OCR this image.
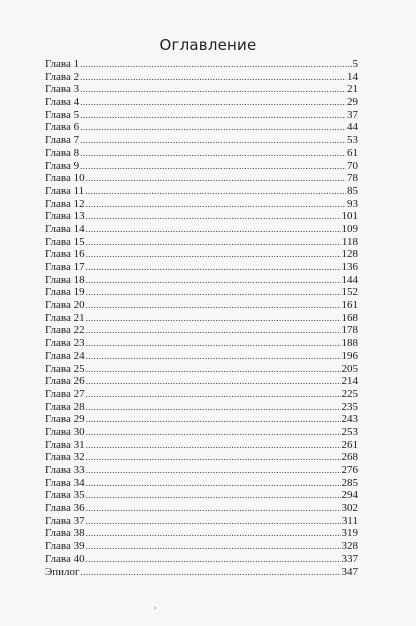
Оглавление
Глава 1 .....	5
Глава 2 .....	14
Глава 3 .....	21
Глава 4 .....	29
Глава 5 .....	37
Глава 6 .....	44
Глава 7 .....	53
Глава 8 .....	61
Глава 9 .....	70
Глава 10 .....	78
Глава 11 .....	85
Глава 12 .....	93
Глава 13 .....	101
Глава 14 .....	109
Глава 15 .....	118
Глава 16 .....	128
Глава 17 .....	136
Глава 18 .....	144
Глава 19 .....	152
Глава 20 .....	161
Глава 21 .....	168
Глава 22 .....	178
Глава 23 .....	188
Глава 24 .....	196
Глава 25 .....	205
Глава 26 .....	214
Глава 27 .....	225
Глава 28 .....	235
Глава 29 .....	243
Глава 30 .....	253
Глава 31 .....	261
Глава 32 .....	268
Глава 33 .....	276
Глава 34 .....	285
Глава 35 .....	294
Глава 36 .....	302
Глава 37 .....	311
Глава 38 .....	319
Глава 39 .....	328
Глава 40 .....	337
Эпилог .....	347
